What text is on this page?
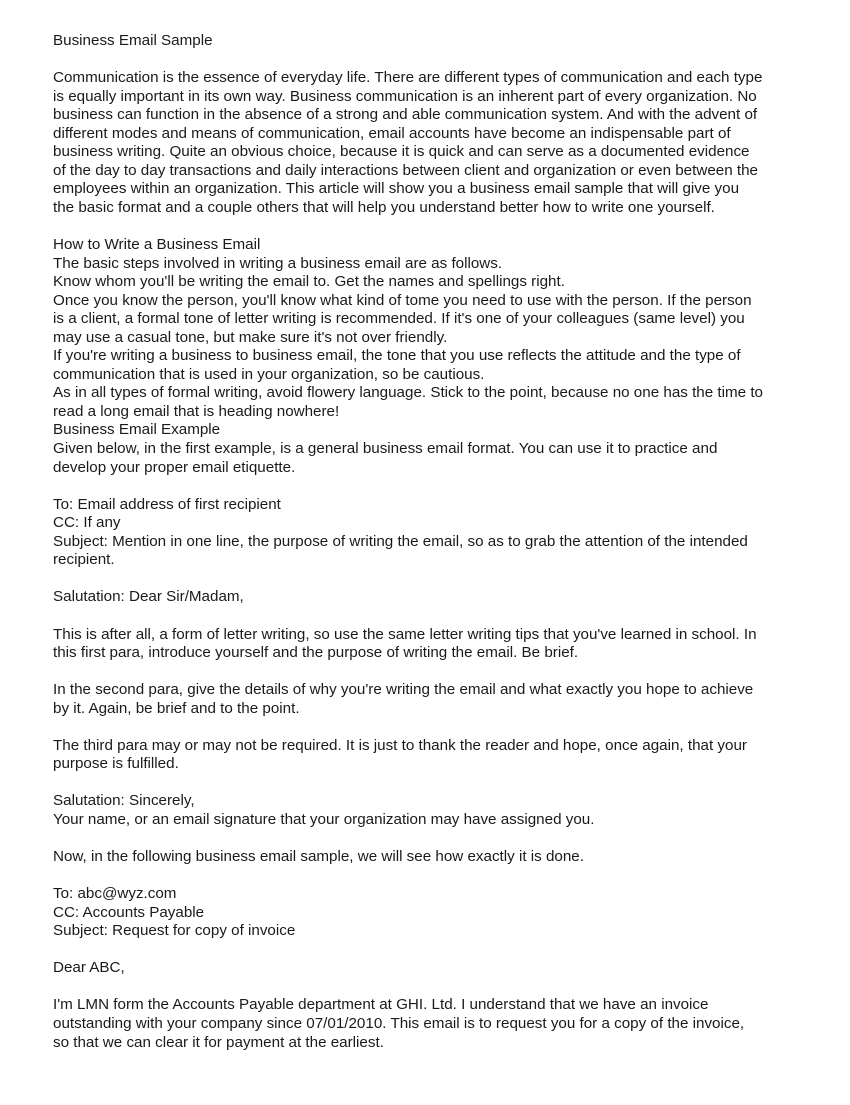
Business Email Sample
Communication is the essence of everyday life. There are different types of communication and each type
is equally important in its own way. Business communication is an inherent part of every organization. No
business can function in the absence of a strong and able communication system. And with the advent of
different modes and means of communication, email accounts have become an indispensable part of
business writing. Quite an obvious choice, because it is quick and can serve as a documented evidence
of the day to day transactions and daily interactions between client and organization or even between the
employees within an organization. This article will show you a business email sample that will give you
the basic format and a couple others that will help you understand better how to write one yourself.
How to Write a Business Email
The basic steps involved in writing a business email are as follows.
Know whom you'll be writing the email to. Get the names and spellings right.
Once you know the person, you'll know what kind of tome you need to use with the person. If the person
is a client, a formal tone of letter writing is recommended. If it's one of your colleagues (same level) you
may use a casual tone, but make sure it's not over friendly.
If you're writing a business to business email, the tone that you use reflects the attitude and the type of
communication that is used in your organization, so be cautious.
As in all types of formal writing, avoid flowery language. Stick to the point, because no one has the time to
read a long email that is heading nowhere!
Business Email Example
Given below, in the first example, is a general business email format. You can use it to practice and
develop your proper email etiquette.
To: Email address of first recipient
CC: If any
Subject: Mention in one line, the purpose of writing the email, so as to grab the attention of the intended
recipient.
Salutation: Dear Sir/Madam,
This is after all, a form of letter writing, so use the same letter writing tips that you've learned in school. In
this first para, introduce yourself and the purpose of writing the email. Be brief.
In the second para, give the details of why you're writing the email and what exactly you hope to achieve
by it. Again, be brief and to the point.
The third para may or may not be required. It is just to thank the reader and hope, once again, that your
purpose is fulfilled.
Salutation: Sincerely,
Your name, or an email signature that your organization may have assigned you.
Now, in the following business email sample, we will see how exactly it is done.
To: abc@wyz.com
CC: Accounts Payable
Subject: Request for copy of invoice
Dear ABC,
I'm LMN form the Accounts Payable department at GHI. Ltd. I understand that we have an invoice
outstanding with your company since 07/01/2010. This email is to request you for a copy of the invoice,
so that we can clear it for payment at the earliest.
